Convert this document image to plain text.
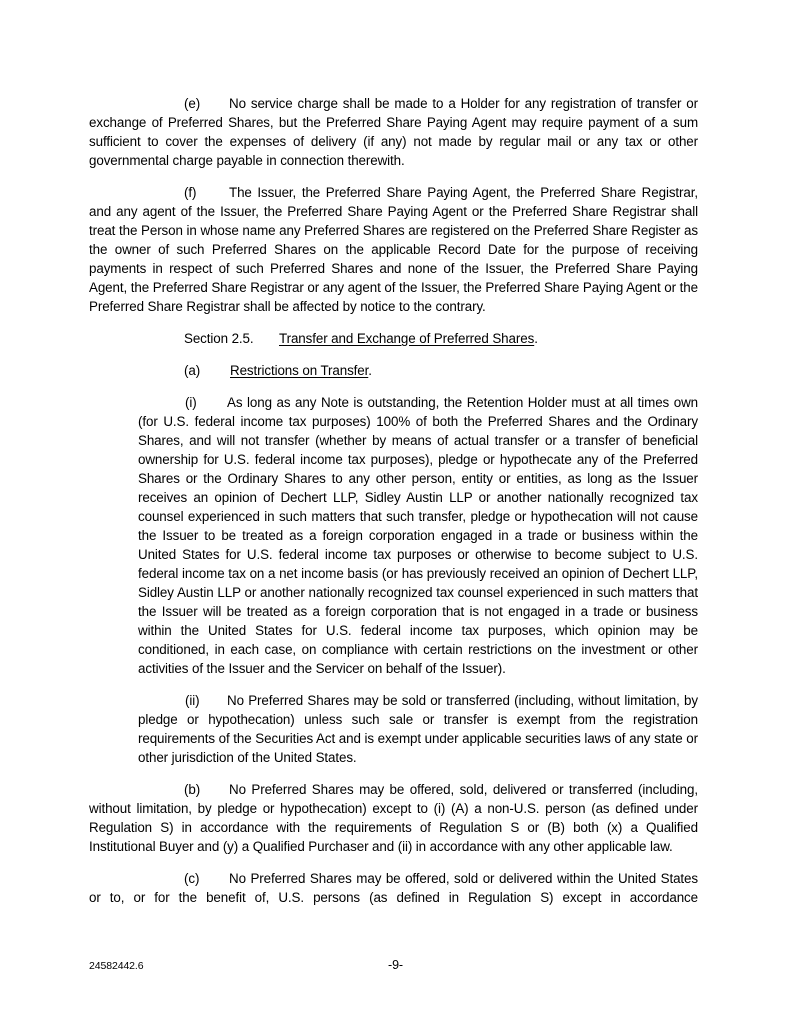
(e) No service charge shall be made to a Holder for any registration of transfer or exchange of Preferred Shares, but the Preferred Share Paying Agent may require payment of a sum sufficient to cover the expenses of delivery (if any) not made by regular mail or any tax or other governmental charge payable in connection therewith.

(f) The Issuer, the Preferred Share Paying Agent, the Preferred Share Registrar, and any agent of the Issuer, the Preferred Share Paying Agent or the Preferred Share Registrar shall treat the Person in whose name any Preferred Shares are registered on the Preferred Share Register as the owner of such Preferred Shares on the applicable Record Date for the purpose of receiving payments in respect of such Preferred Shares and none of the Issuer, the Preferred Share Paying Agent, the Preferred Share Registrar or any agent of the Issuer, the Preferred Share Paying Agent or the Preferred Share Registrar shall be affected by notice to the contrary.

Section 2.5. Transfer and Exchange of Preferred Shares.

(a) Restrictions on Transfer.

(i) As long as any Note is outstanding, the Retention Holder must at all times own (for U.S. federal income tax purposes) 100% of both the Preferred Shares and the Ordinary Shares, and will not transfer (whether by means of actual transfer or a transfer of beneficial ownership for U.S. federal income tax purposes), pledge or hypothecate any of the Preferred Shares or the Ordinary Shares to any other person, entity or entities, as long as the Issuer receives an opinion of Dechert LLP, Sidley Austin LLP or another nationally recognized tax counsel experienced in such matters that such transfer, pledge or hypothecation will not cause the Issuer to be treated as a foreign corporation engaged in a trade or business within the United States for U.S. federal income tax purposes or otherwise to become subject to U.S. federal income tax on a net income basis (or has previously received an opinion of Dechert LLP, Sidley Austin LLP or another nationally recognized tax counsel experienced in such matters that the Issuer will be treated as a foreign corporation that is not engaged in a trade or business within the United States for U.S. federal income tax purposes, which opinion may be conditioned, in each case, on compliance with certain restrictions on the investment or other activities of the Issuer and the Servicer on behalf of the Issuer).

(ii) No Preferred Shares may be sold or transferred (including, without limitation, by pledge or hypothecation) unless such sale or transfer is exempt from the registration requirements of the Securities Act and is exempt under applicable securities laws of any state or other jurisdiction of the United States.

(b) No Preferred Shares may be offered, sold, delivered or transferred (including, without limitation, by pledge or hypothecation) except to (i) (A) a non-U.S. person (as defined under Regulation S) in accordance with the requirements of Regulation S or (B) both (x) a Qualified Institutional Buyer and (y) a Qualified Purchaser and (ii) in accordance with any other applicable law.

(c) No Preferred Shares may be offered, sold or delivered within the United States or to, or for the benefit of, U.S. persons (as defined in Regulation S) except in accordance

24582442.6	-9-
